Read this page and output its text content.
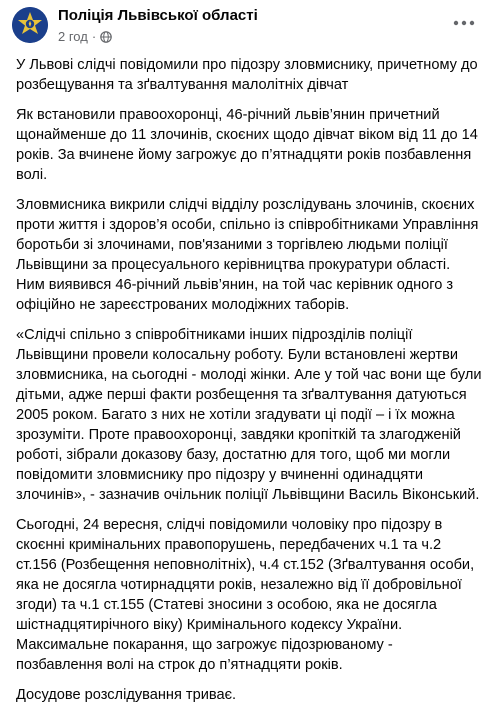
Поліція Львівської області
2 год ·

У Львові слідчі повідомили про підозру зловмиснику, причетному до розбещування та зґвалтування малолітніх дівчат

Як встановили правоохоронці, 46-річний львів’янин причетний щонайменше до 11 злочинів, скоєних щодо дівчат віком від 11 до 14 років. За вчинене йому загрожує до п’ятнадцяти років позбавлення волі.

Зловмисника викрили слідчі відділу розслідувань злочинів, скоєних проти життя і здоров’я особи, спільно із співробітниками Управління боротьби зі злочинами, пов'язаними з торгівлею людьми поліції Львівщини за процесуального керівництва прокуратури області. Ним виявився 46-річний львів’янин, на той час керівник одного з офіційно не зареєстрованих молодіжних таборів.

«Слідчі спільно з співробітниками інших підрозділів поліції Львівщини провели колосальну роботу. Були встановлені жертви зловмисника, на сьогодні - молоді жінки. Але у той час вони ще були дітьми, адже перші факти розбещення та зґвалтування датуються 2005 роком. Багато з них не хотіли згадувати ці події – і їх можна зрозуміти. Проте правоохоронці, завдяки кропіткій та злагодженій роботі, зібрали доказову базу, достатню для того, щоб ми могли повідомити зловмиснику про підозру у вчиненні одинадцяти злочинів», - зазначив очільник поліції Львівщини Василь Віконський.

Сьогодні, 24 вересня, слідчі повідомили чоловіку про підозру в скоєнні кримінальних правопорушень, передбачених ч.1 та ч.2 ст.156 (Розбещення неповнолітніх), ч.4 ст.152 (Зґвалтування особи, яка не досягла чотирнадцяти років, незалежно від її добровільної згоди) та ч.1 ст.155 (Статеві зносини з особою, яка не досягла шістнадцятирічного віку) Кримінального кодексу України. Максимальне покарання, що загрожує підозрюваному - позбавлення волі на строк до п’ятнадцяти років.

Досудове розслідування триває.
